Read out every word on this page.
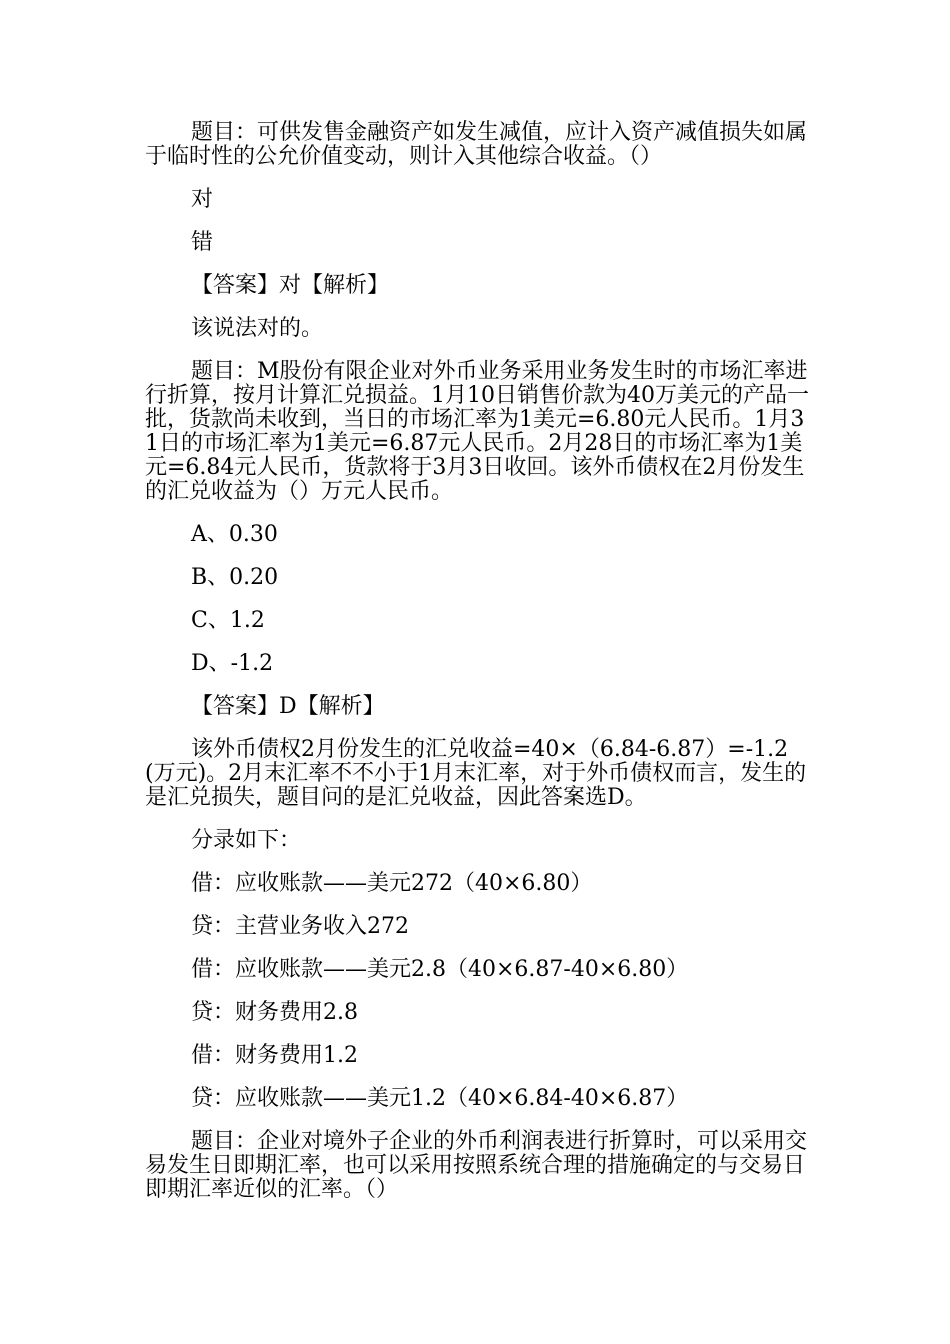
题目：可供发售金融资产如发生减值，应计入资产减值损失如属于临时性的公允价值变动，则计入其他综合收益。（）

对

错

【答案】对【解析】

该说法对的。

题目：M股份有限企业对外币业务采用业务发生时的市场汇率进行折算，按月计算汇兑损益。1月10日销售价款为40万美元的产品一批，货款尚未收到，当日的市场汇率为1美元=6.80元人民币。1月31日的市场汇率为1美元=6.87元人民币。2月28日的市场汇率为1美元=6.84元人民币，货款将于3月3日收回。该外币债权在2月份发生的汇兑收益为（）万元人民币。

A、0.30

B、0.20

C、1.2

D、-1.2

【答案】D【解析】

该外币债权2月份发生的汇兑收益=40×（6.84-6.87）=-1.2(万元)。2月末汇率不不小于1月末汇率，对于外币债权而言，发生的是汇兑损失，题目问的是汇兑收益，因此答案选D。

分录如下：

借：应收账款——美元272（40×6.80）

贷：主营业务收入272

借：应收账款——美元2.8（40×6.87-40×6.80）

贷：财务费用2.8

借：财务费用1.2

贷：应收账款——美元1.2（40×6.84-40×6.87）

题目：企业对境外子企业的外币利润表进行折算时，可以采用交易发生日即期汇率，也可以采用按照系统合理的措施确定的与交易日即期汇率近似的汇率。（）
